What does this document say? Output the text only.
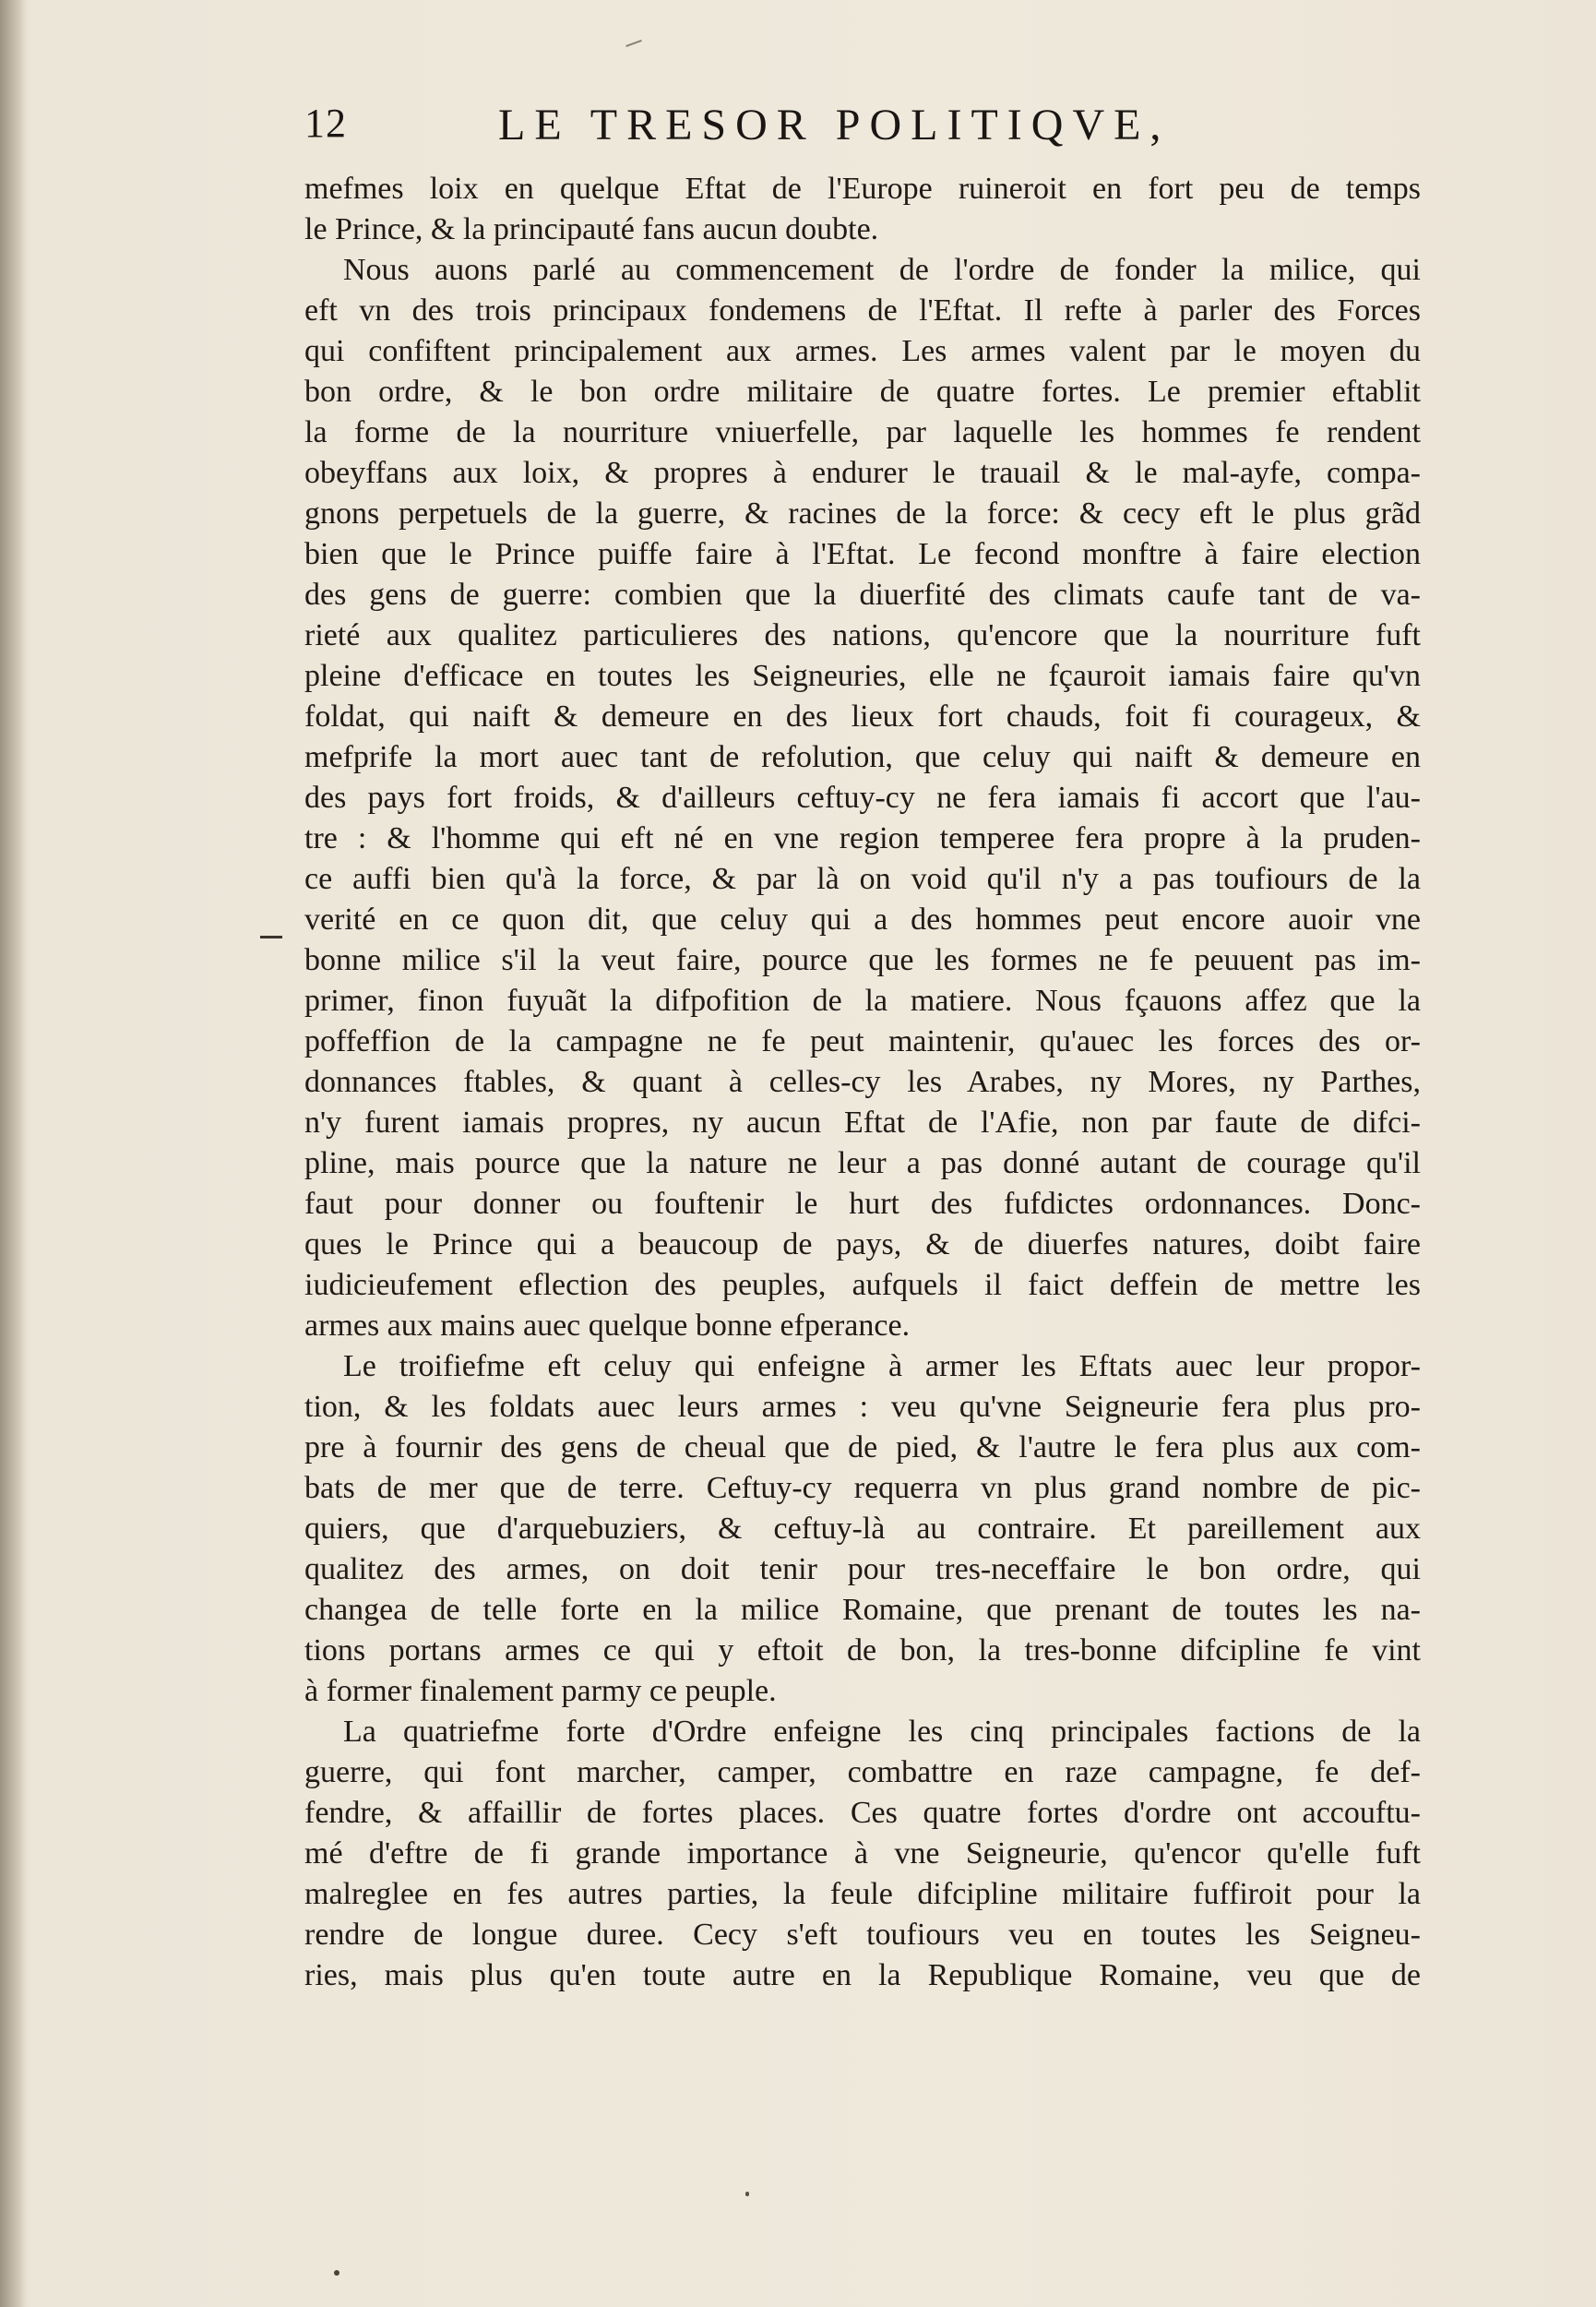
12	LE TRESOR POLITIQVE,
mefmes loix en quelque Eftat de l'Europe ruineroit en fort peu de temps
le Prince, & la principauté fans aucun doubte.
Nous auons parlé au commencement de l'ordre de fonder la milice, qui
eft vn des trois principaux fondemens de l'Eftat. Il refte à parler des Forces
qui confiftent principalement aux armes. Les armes valent par le moyen du
bon ordre, & le bon ordre militaire de quatre fortes. Le premier eftablit
la forme de la nourriture vniuerfelle, par laquelle les hommes fe rendent
obeyffans aux loix, & propres à endurer le trauail & le mal-ayfe, compa-
gnons perpetuels de la guerre, & racines de la force: & cecy eft le plus grãd
bien que le Prince puiffe faire à l'Eftat. Le fecond monftre à faire election
des gens de guerre: combien que la diuerfité des climats caufe tant de va-
rieté aux qualitez particulieres des nations, qu'encore que la nourriture fuft
pleine d'efficace en toutes les Seigneuries, elle ne fçauroit iamais faire qu'vn
foldat, qui naift & demeure en des lieux fort chauds, foit fi courageux, &
mefprife la mort auec tant de refolution, que celuy qui naift & demeure en
des pays fort froids, & d'ailleurs ceftuy-cy ne fera iamais fi accort que l'au-
tre : & l'homme qui eft né en vne region temperee fera propre à la pruden-
ce auffi bien qu'à la force, & par là on void qu'il n'y a pas toufiours de la
verité en ce quon dit, que celuy qui a des hommes peut encore auoir vne
bonne milice s'il la veut faire, pource que les formes ne fe peuuent pas im-
primer, finon fuyuãt la difpofition de la matiere. Nous fçauons affez que la
poffeffion de la campagne ne fe peut maintenir, qu'auec les forces des or-
donnances ftables, & quant à celles-cy les Arabes, ny Mores, ny Parthes,
n'y furent iamais propres, ny aucun Eftat de l'Afie, non par faute de difci-
pline, mais pource que la nature ne leur a pas donné autant de courage qu'il
faut pour donner ou fouftenir le hurt des fufdictes ordonnances. Donc-
ques le Prince qui a beaucoup de pays, & de diuerfes natures, doibt faire
iudicieufement eflection des peuples, aufquels il faict deffein de mettre les
armes aux mains auec quelque bonne efperance.
Le troifiefme eft celuy qui enfeigne à armer les Eftats auec leur propor-
tion, & les foldats auec leurs armes : veu qu'vne Seigneurie fera plus pro-
pre à fournir des gens de cheual que de pied, & l'autre le fera plus aux com-
bats de mer que de terre. Ceftuy-cy requerra vn plus grand nombre de pic-
quiers, que d'arquebuziers, & ceftuy-là au contraire. Et pareillement aux
qualitez des armes, on doit tenir pour tres-neceffaire le bon ordre, qui
changea de telle forte en la milice Romaine, que prenant de toutes les na-
tions portans armes ce qui y eftoit de bon, la tres-bonne difcipline fe vint
à former finalement parmy ce peuple.
La quatriefme forte d'Ordre enfeigne les cinq principales factions de la
guerre, qui font marcher, camper, combattre en raze campagne, fe def-
fendre, & affaillir de fortes places. Ces quatre fortes d'ordre ont accouftu-
mé d'eftre de fi grande importance à vne Seigneurie, qu'encor qu'elle fuft
malreglee en fes autres parties, la feule difcipline militaire fuffiroit pour la
rendre de longue duree. Cecy s'eft toufiours veu en toutes les Seigneu-
ries, mais plus qu'en toute autre en la Republique Romaine, veu que de
